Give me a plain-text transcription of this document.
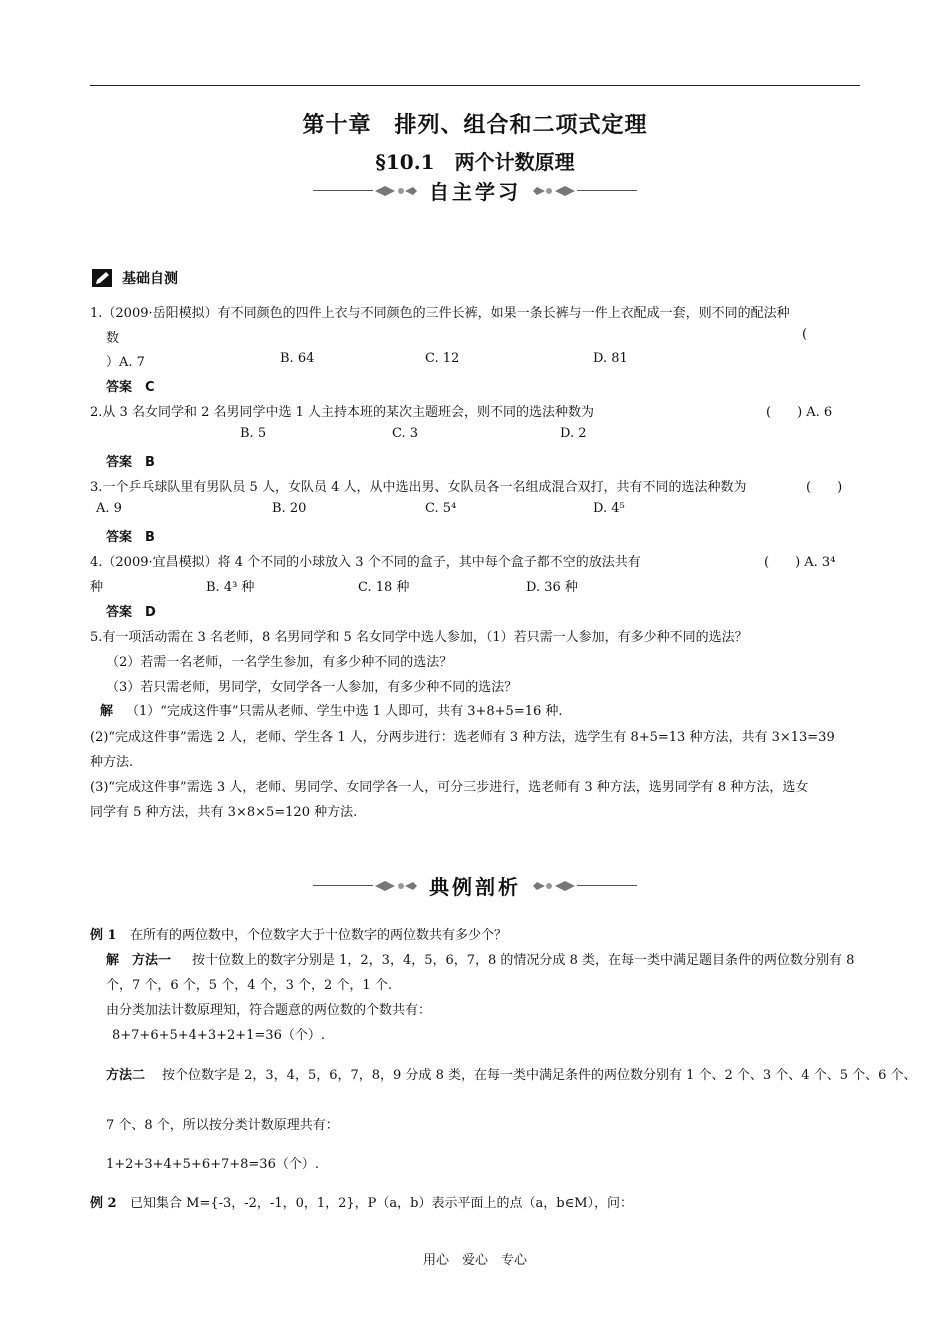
第十章　排列、组合和二项式定理
§10.1　两个计数原理
自主学习
基础自测
1.（2009·岳阳模拟）有不同颜色的四件上衣与不同颜色的三件长裤，如果一条长裤与一件上衣配成一套，则不同的配法种
数	(
）A. 7	B. 64	C. 12	D. 81
答案　C
2.从 3 名女同学和 2 名男同学中选 1 人主持本班的某次主题班会，则不同的选法种数为	(　　) A. 6
B. 5	C. 3	D. 2
答案　B
3.一个乒乓球队里有男队员 5 人，女队员 4 人，从中选出男、女队员各一名组成混合双打，共有不同的选法种数为	(　　)
A. 9	B. 20	C. 5⁴	D. 4⁵
答案　B
4.（2009·宜昌模拟）将 4 个不同的小球放入 3 个不同的盒子，其中每个盒子都不空的放法共有	(　　) A. 3⁴
种	B. 4³ 种	C. 18 种	D. 36 种
答案　D
5.有一项活动需在 3 名老师，8 名男同学和 5 名女同学中选人参加，（1）若只需一人参加，有多少种不同的选法？
（2）若需一名老师，一名学生参加，有多少种不同的选法？
（3）若只需老师，男同学，女同学各一人参加，有多少种不同的选法？
解 （1）“完成这件事”只需从老师、学生中选 1 人即可，共有 3+8+5=16 种.
(2)“完成这件事”需选 2 人，老师、学生各 1 人，分两步进行：选老师有 3 种方法，选学生有 8+5=13 种方法，共有 3×13=39
种方法.
(3)“完成这件事”需选 3 人，老师、男同学、女同学各一人，可分三步进行，选老师有 3 种方法，选男同学有 8 种方法，选女
同学有 5 种方法，共有 3×8×5=120 种方法.
典例剖析
例 1 在所有的两位数中，个位数字大于十位数字的两位数共有多少个？
解　方法一 按十位数上的数字分别是 1，2，3，4，5，6，7，8 的情况分成 8 类，在每一类中满足题目条件的两位数分别有 8
个，7 个，6 个，5 个，4 个，3 个，2 个，1 个.
由分类加法计数原理知，符合题意的两位数的个数共有：
8+7+6+5+4+3+2+1=36（个）.
方法二 按个位数字是 2，3，4，5，6，7，8，9 分成 8 类，在每一类中满足条件的两位数分别有 1 个、2 个、3 个、4 个、5 个、6 个、
7 个、8 个，所以按分类计数原理共有：
1+2+3+4+5+6+7+8=36（个）.
例 2 已知集合 M={-3，-2，-1，0，1，2}，P（a，b）表示平面上的点（a，b∈M），问：
用心　爱心　专心
